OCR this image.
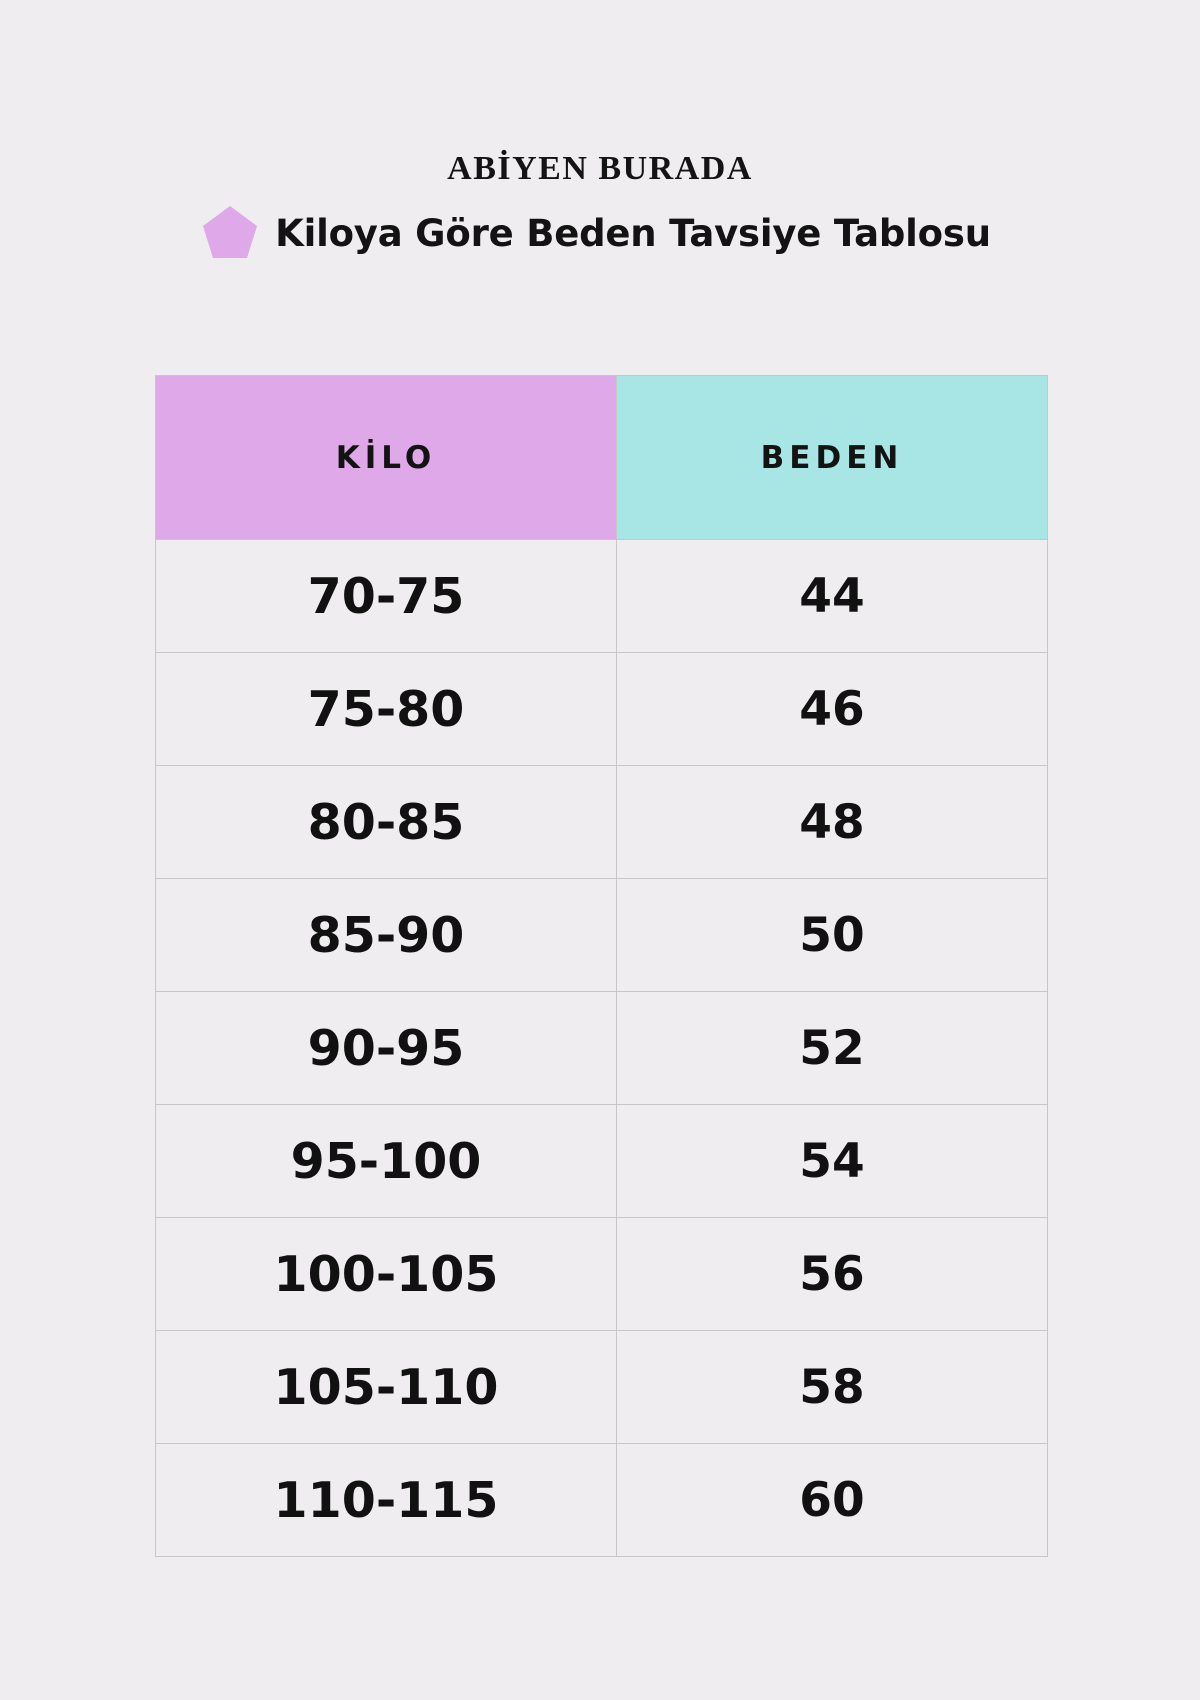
ABİYEN BURADA
Kiloya Göre Beden Tavsiye Tablosu
KİLO	BEDEN
70-75	44
75-80	46
80-85	48
85-90	50
90-95	52
95-100	54
100-105	56
105-110	58
110-115	60
